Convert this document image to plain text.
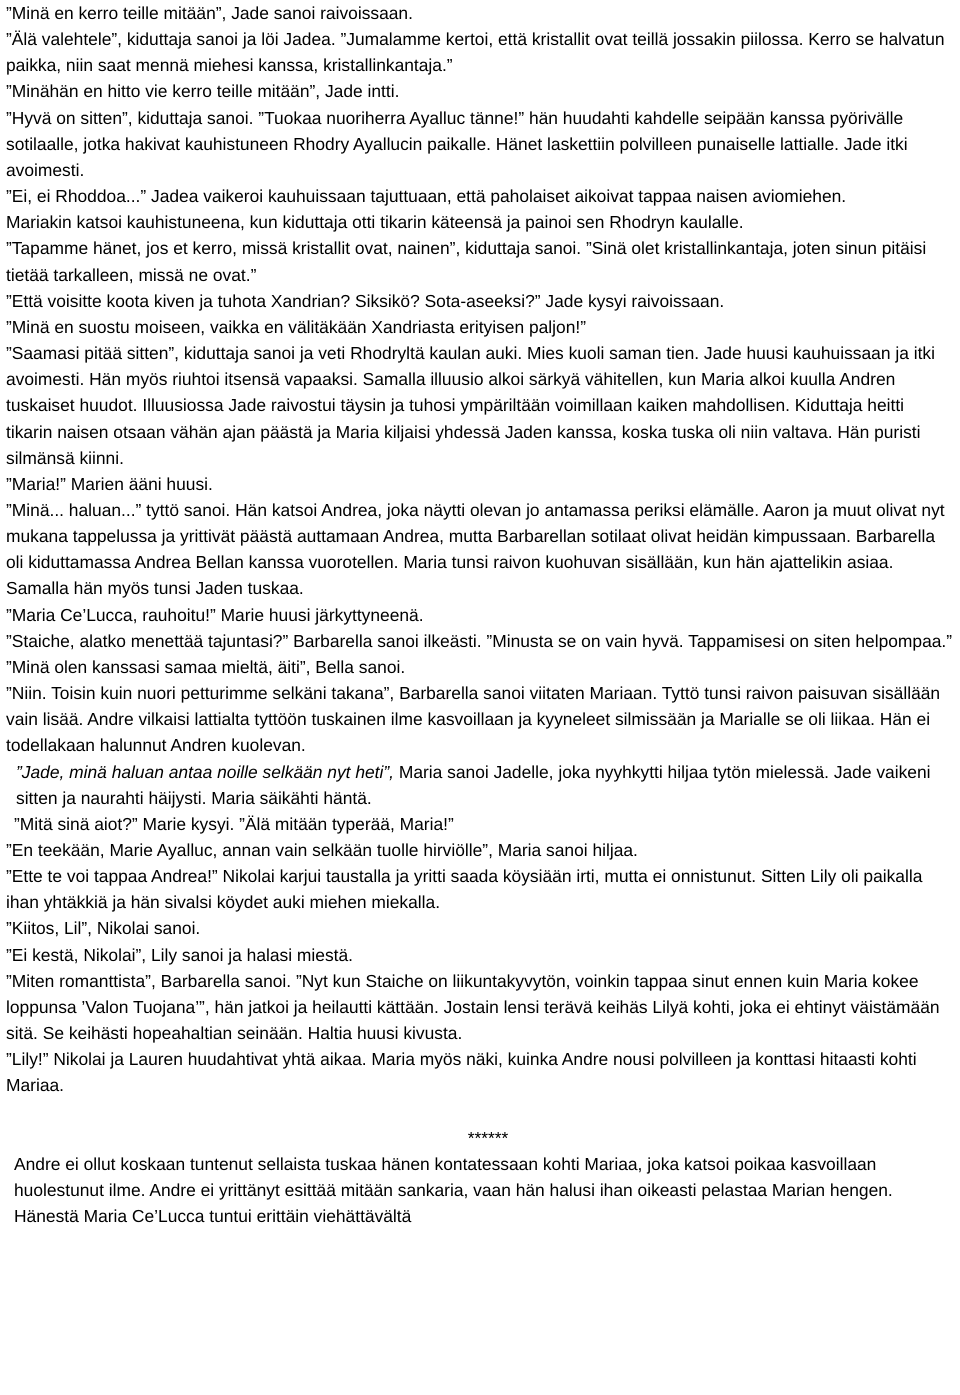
”Minä en kerro teille mitään”, Jade sanoi raivoissaan.

”Älä valehtele”, kiduttaja sanoi ja löi Jadea. ”Jumalamme kertoi, että kristallit ovat teillä jossakin piilossa. Kerro se halvatun paikka, niin saat mennä miehesi kanssa, kristallinkantaja.”

”Minähän en hitto vie kerro teille mitään”, Jade intti.

”Hyvä on sitten”, kiduttaja sanoi. ”Tuokaa nuoriherra Ayalluc tänne!” hän huudahti kahdelle seipään kanssa pyörivälle sotilaalle, jotka hakivat kauhistuneen Rhodry Ayallucin paikalle. Hänet laskettiin polvilleen punaiselle lattialle. Jade itki avoimesti.

”Ei, ei Rhoddoa...” Jadea vaikeroi kauhuissaan tajuttuaan, että paholaiset aikoivat tappaa naisen aviomiehen.

Mariakin katsoi kauhistuneena, kun kiduttaja otti tikarin käteensä ja painoi sen Rhodryn kaulalle.

”Tapamme hänet, jos et kerro, missä kristallit ovat, nainen”, kiduttaja sanoi. ”Sinä olet kristallinkantaja, joten sinun pitäisi tietää tarkalleen, missä ne ovat.”

”Että voisitte koota kiven ja tuhota Xandrian? Siksikö? Sota-aseeksi?” Jade kysyi raivoissaan.

”Minä en suostu moiseen, vaikka en välitäkään Xandriasta erityisen paljon!”

”Saamasi pitää sitten”, kiduttaja sanoi ja veti Rhodryltä kaulan auki. Mies kuoli saman tien. Jade huusi kauhuissaan ja itki avoimesti. Hän myös riuhtoi itsensä vapaaksi. Samalla illuusio alkoi särkyä vähitellen, kun Maria alkoi kuulla Andren tuskaiset huudot. Illuusiossa Jade raivostui täysin ja tuhosi ympäriltään voimillaan kaiken mahdollisen. Kiduttaja heitti tikarin naisen otsaan vähän ajan päästä ja Maria kiljaisi yhdessä Jaden kanssa, koska tuska oli niin valtava. Hän puristi silmänsä kiinni.

”Maria!” Marien ääni huusi.

”Minä... haluan...” tyttö sanoi. Hän katsoi Andrea, joka näytti olevan jo antamassa periksi elämälle. Aaron ja muut olivat nyt mukana tappelussa ja yrittivät päästä auttamaan Andrea, mutta Barbarellan sotilaat olivat heidän kimpussaan. Barbarella oli kiduttamassa Andrea Bellan kanssa vuorotellen. Maria tunsi raivon kuohuvan sisällään, kun hän ajattelikin asiaa. Samalla hän myös tunsi Jaden tuskaa.

”Maria Ce’Lucca, rauhoitu!” Marie huusi järkyttyneenä.

”Staiche, alatko menettää tajuntasi?” Barbarella sanoi ilkeästi. ”Minusta se on vain hyvä. Tappamisesi on siten helpompaa.”

”Minä olen kanssasi samaa mieltä, äiti”, Bella sanoi.

”Niin. Toisin kuin nuori petturimme selkäni takana”, Barbarella sanoi viitaten Mariaan. Tyttö tunsi raivon paisuvan sisällään vain lisää. Andre vilkaisi lattialta tyttöön tuskainen ilme kasvoillaan ja kyyneleet silmissään ja Marialle se oli liikaa. Hän ei todellakaan halunnut Andren kuolevan.

”Jade, minä haluan antaa noille selkään nyt heti”, Maria sanoi Jadelle, joka nyyhkytti hiljaa tytön mielessä. Jade vaikeni sitten ja naurahti häijysti. Maria säikähti häntä.

”Mitä sinä aiot?” Marie kysyi. ”Älä mitään typerää, Maria!”

”En teekään, Marie Ayalluc, annan vain selkään tuolle hirviölle”, Maria sanoi hiljaa.

”Ette te voi tappaa Andrea!” Nikolai karjui taustalla ja yritti saada köysiään irti, mutta ei onnistunut. Sitten Lily oli paikalla ihan yhtäkkiä ja hän sivalsi köydet auki miehen miekalla.

”Kiitos, Lil”, Nikolai sanoi.

”Ei kestä, Nikolai”, Lily sanoi ja halasi miestä.

”Miten romanttista”, Barbarella sanoi. ”Nyt kun Staiche on liikuntakyvytön, voinkin tappaa sinut ennen kuin Maria kokee loppunsa ’Valon Tuojana’”, hän jatkoi ja heilautti kättään. Jostain lensi terävä keihäs Lilyä kohti, joka ei ehtinyt väistämään sitä. Se keihästi hopeahaltian seinään. Haltia huusi kivusta.

”Lily!” Nikolai ja Lauren huudahtivat yhtä aikaa. Maria myös näki, kuinka Andre nousi polvilleen ja konttasi hitaasti kohti Mariaa.

******

Andre ei ollut koskaan tuntenut sellaista tuskaa hänen kontatessaan kohti Mariaa, joka katsoi poikaa kasvoillaan huolestunut ilme. Andre ei yrittänyt esittää mitään sankaria, vaan hän halusi ihan oikeasti pelastaa Marian hengen. Hänestä Maria Ce’Lucca tuntui erittäin viehättävältä
